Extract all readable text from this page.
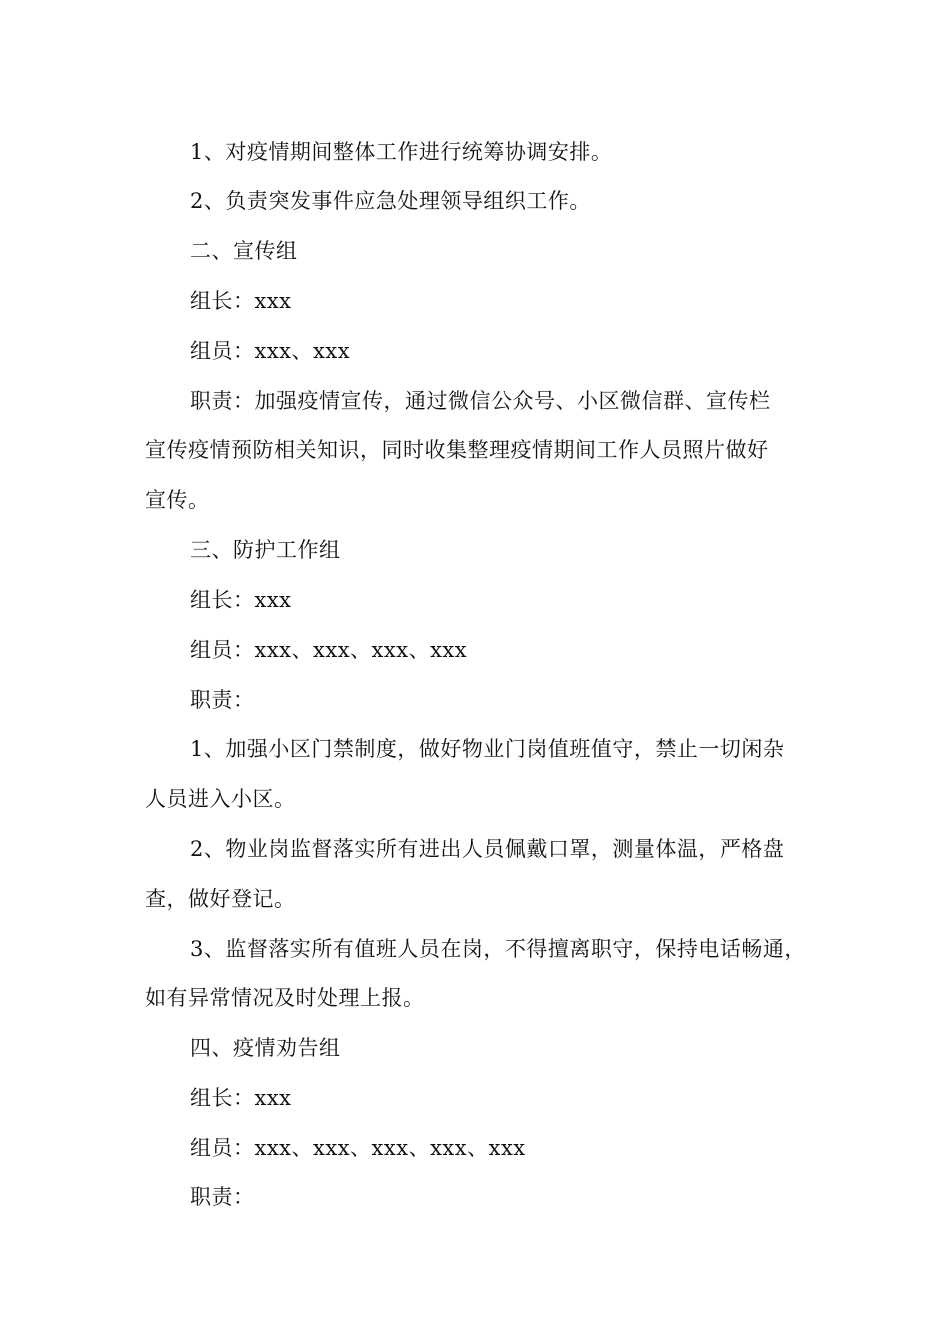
1、对疫情期间整体工作进行统筹协调安排。
2、负责突发事件应急处理领导组织工作。
二、宣传组
组长：xxx
组员：xxx、xxx
职责：加强疫情宣传，通过微信公众号、小区微信群、宣传栏
宣传疫情预防相关知识，同时收集整理疫情期间工作人员照片做好
宣传。
三、防护工作组
组长：xxx
组员：xxx、xxx、xxx、xxx
职责：
1、加强小区门禁制度，做好物业门岗值班值守，禁止一切闲杂
人员进入小区。
2、物业岗监督落实所有进出人员佩戴口罩，测量体温，严格盘
查，做好登记。
3、监督落实所有值班人员在岗，不得擅离职守，保持电话畅通，
如有异常情况及时处理上报。
四、疫情劝告组
组长：xxx
组员：xxx、xxx、xxx、xxx、xxx
职责：
